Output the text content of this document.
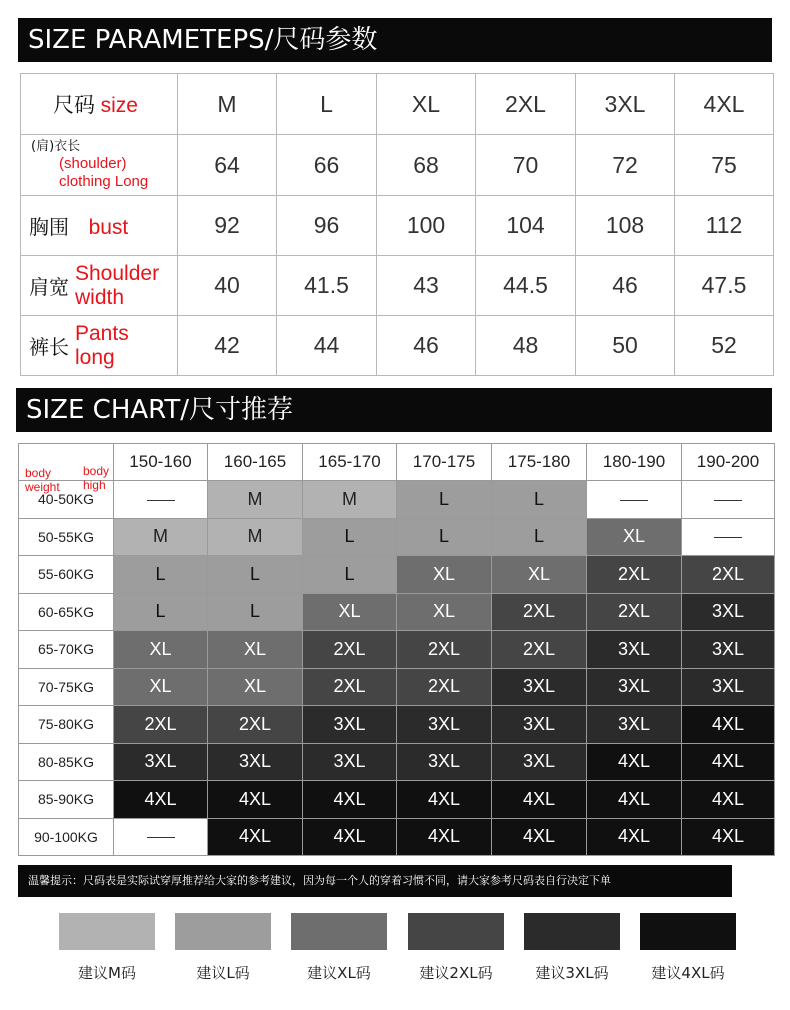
SIZE PARAMETEPS/尺码参数
尺码 size	M	L	XL	2XL	3XL	4XL

(肩)衣长
(shoulder)
clothing Long	64	66	68	70	72	75
胸围 bust	92	96	100	104	108	112

肩宽
Shoulder
width	40	41.5	43	44.5	46	47.5

裤长
Pants
long	42	44	46	48	50	52
SIZE CHART/尺寸推荐
body
weight
body
high	150-160	160-165	165-170	170-175	175-180	180-190	190-200
40-50KG		M	M	L	L		
50-55KG	M	M	L	L	L	XL	
55-60KG	L	L	L	XL	XL	2XL	2XL
60-65KG	L	L	XL	XL	2XL	2XL	3XL
65-70KG	XL	XL	2XL	2XL	2XL	3XL	3XL
70-75KG	XL	XL	2XL	2XL	3XL	3XL	3XL
75-80KG	2XL	2XL	3XL	3XL	3XL	3XL	4XL
80-85KG	3XL	3XL	3XL	3XL	3XL	4XL	4XL
85-90KG	4XL	4XL	4XL	4XL	4XL	4XL	4XL
90-100KG		4XL	4XL	4XL	4XL	4XL	4XL
温馨提示：尺码表是实际试穿厚推荐给大家的参考建议，因为每一个人的穿着习惯不同，请大家参考尺码表自行决定下单
建议M码	建议L码	建议XL码	建议2XL码	建议3XL码	建议4XL码
